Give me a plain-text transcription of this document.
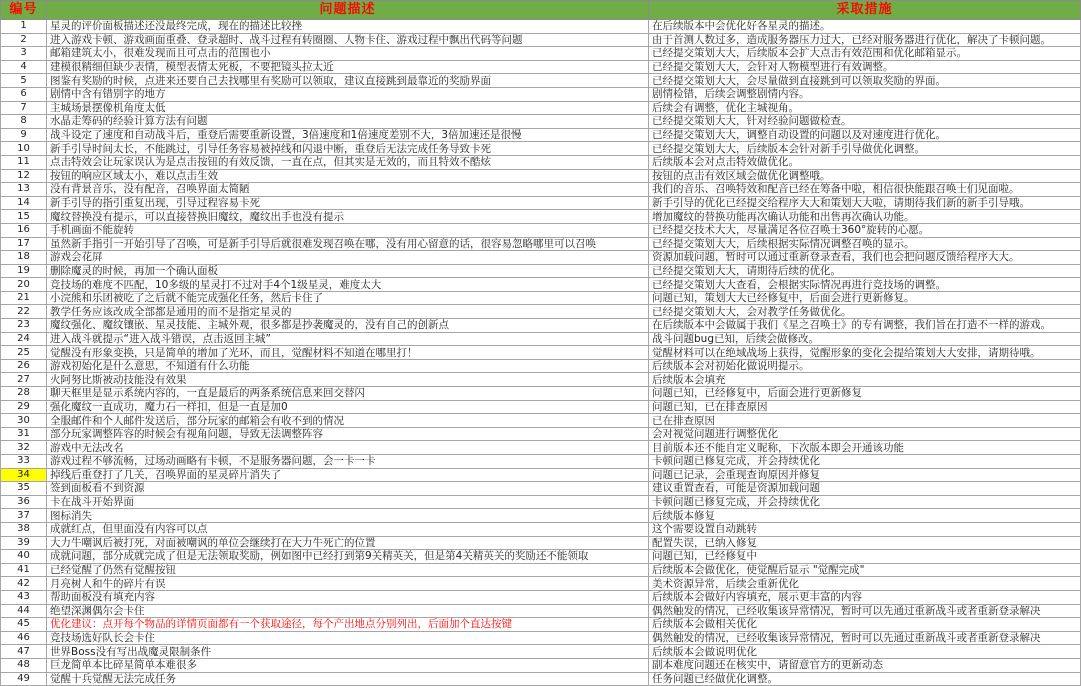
编号	问题描述	采取措施
1	星灵的评价面板描述还没最终完成，现在的描述比较挫	在后续版本中会优化好各星灵的描述。
2	进入游戏卡顿、游戏画面重叠、登录超时、战斗过程有转圈圈、人物卡住、游戏过程中飘出代码等问题	由于首测人数过多，造成服务器压力过大，已经对服务器进行优化，解决了卡顿问题。
3	邮箱建筑太小，很难发现而且可点击的范围也小	已经提交策划大大，后续版本会扩大点击有效范围和优化邮箱显示。
4	建模很精细但缺少表情，模型表情太死板，不要把镜头拉太近	已经提交策划大大，会针对人物模型进行有效调整。
5	图鉴有奖励的时候，点进来还要自己去找哪里有奖励可以领取，建议直接跳到最靠近的奖励界面	已经提交策划大大，会尽量做到直接跳到可以领取奖励的界面。
6	剧情中含有错别字的地方	剧情检错，后续会调整剧情内容。
7	主城场景摆像机角度太低	后续会有调整，优化主城视角。
8	水晶走筹码的经验计算方法有问题	已经提交策划大大，针对经验问题做检查。
9	战斗设定了速度和自动战斗后，重登后需要重新设置，3倍速度和1倍速度差别不大，3倍加速还是很慢	已经提交策划大大，调整自动设置的问题以及对速度进行优化。
10	新手引导时间太长，不能跳过，引导任务容易被掉线和闪退中断，重登后无法完成任务导致卡死	已经提交策划大大，后续版本会针对新手引导做优化调整。
11	点击特效会让玩家误认为是点击按钮的有效反馈，一直在点，但其实是无效的，而且特效不酷炫	后续版本会对点击特效做优化。
12	按钮的响应区域太小，难以点击生效	按钮的点击有效区域会做优化调整哦。
13	没有背景音乐，没有配音，召唤界面太简陋	我们的音乐、召唤特效和配音已经在筹备中啦，相信很快能跟召唤士们见面啦。
14	新手引导的指引重复出现，引导过程容易卡死	新手引导的优化已经提交给程序大大和策划大大啦，请期待我们新的新手引导哦。
15	魔纹替换没有提示，可以直接替换旧魔纹，魔纹出手也没有提示	增加魔纹的替换功能再次确认功能和出售再次确认功能。
16	手机画面不能旋转	已经提交技术大大，尽量满足各位召唤士360°旋转的心愿。
17	虽然新手指引一开始引导了召唤，可是新手引导后就很难发现召唤在哪，没有用心留意的话，很容易忽略哪里可以召唤	已经提交策划大大，后续根据实际情况调整召唤的显示。
18	游戏会花屏	资源加载问题，暂时可以通过重新登录查看，我们也会把问题反馈给程序大大。
19	删除魔灵的时候，再加一个确认面板	已经提交策划大大，请期待后续的优化。
20	竞技场的难度不匹配，10多级的星灵打不过对手4个1级星灵，难度太大	已经提交策划大大查看，会根据实际情况再进行竞技场的调整。
21	小浣熊和乐团被吃了之后就不能完成强化任务，然后卡住了	问题已知，策划大大已经修复中，后面会进行更新修复。
22	教学任务应该改成全部都是通用的而不是指定星灵的	已经提交策划大大，会对教学任务做优化。
23	魔纹强化、魔纹镶嵌、星灵技能、主城外观，很多都是抄袭魔灵的，没有自己的创新点	在后续版本中会做属于我们《星之召唤士》的专有调整，我们旨在打造不一样的游戏。
24	进入战斗就提示“进入战斗错误，点击返回主城”	战斗问题bug已知，后续会做修改。
25	觉醒没有形象变换，只是简单的增加了光环，而且，觉醒材料不知道在哪里打！	觉醒材料可以在绝域战场上获得，觉醒形象的变化会提给策划大大安排，请期待哦。
26	游戏初始化是什么意思，不知道有什么功能	后续版本会对初始化做说明提示。
27	火阿努比斯被动技能没有效果	后续版本会填充
28	聊天框里是显示系统内容的，一直是最后的两条系统信息来回交替闪	问题已知，已经修复中，后面会进行更新修复
29	强化魔纹一直成功，魔力石一样扣，但是一直是加0	问题已知，已在排查原因
30	全服邮件和个人邮件发送后，部分玩家的邮箱会有收不到的情况	已在排查原因
31	部分玩家调整阵容的时候会有视角问题，导致无法调整阵容	会对视觉问题进行调整优化
32	游戏中无法改名	目前版本还不能自定义昵称，下次版本即会开通该功能
33	游戏过程不够流畅，过场动画略有卡顿，不是服务器问题，会一卡一卡	卡顿问题已修复完成，并会持续优化
34	掉线后重登打了几关，召唤界面的星灵碎片消失了	问题已记录，会重现查询原因并修复
35	签到面板看不到资源	建议重置查看，可能是资源加载问题
36	卡在战斗开始界面	卡顿问题已修复完成，并会持续优化
37	图标消失	后续版本修复
38	成就红点，但里面没有内容可以点	这个需要设置自动跳转
39	大力牛嘲讽后被打死，对面被嘲讽的单位会继续打在大力牛死亡的位置	配置失误，已纳入修复
40	成就问题，部分成就完成了但是无法领取奖励，例如图中已经打到第9关精英关，但是第4关精英关的奖励还不能领取	问题已知，已经修复中
41	已经觉醒了仍然有觉醒按钮	后续版本会做优化，使觉醒后显示 "觉醒完成"
42	月亮树人和牛的碎片有误	美术资源异常，后续会重新优化
43	帮助面板没有填充内容	后续版本会做好内容填充，展示更丰富的内容
44	绝望深渊偶尔会卡住	偶然触发的情况，已经收集该异常情况，暂时可以先通过重新战斗或者重新登录解决
45	优化建议：点开每个物品的详情页面都有一个获取途径，每个产出地点分别列出，后面加个直达按键	后续版本会做相关优化
46	竞技场选好队长会卡住	偶然触发的情况，已经收集该异常情况，暂时可以先通过重新战斗或者重新登录解决
47	世界Boss没有写出战魔灵限制条件	后续版本会做说明优化
48	巨龙简单本比碎星简单本难很多	副本难度问题还在核实中，请留意官方的更新动态
49	觉醒十兵觉醒无法完成任务	任务问题已经做优化调整。
